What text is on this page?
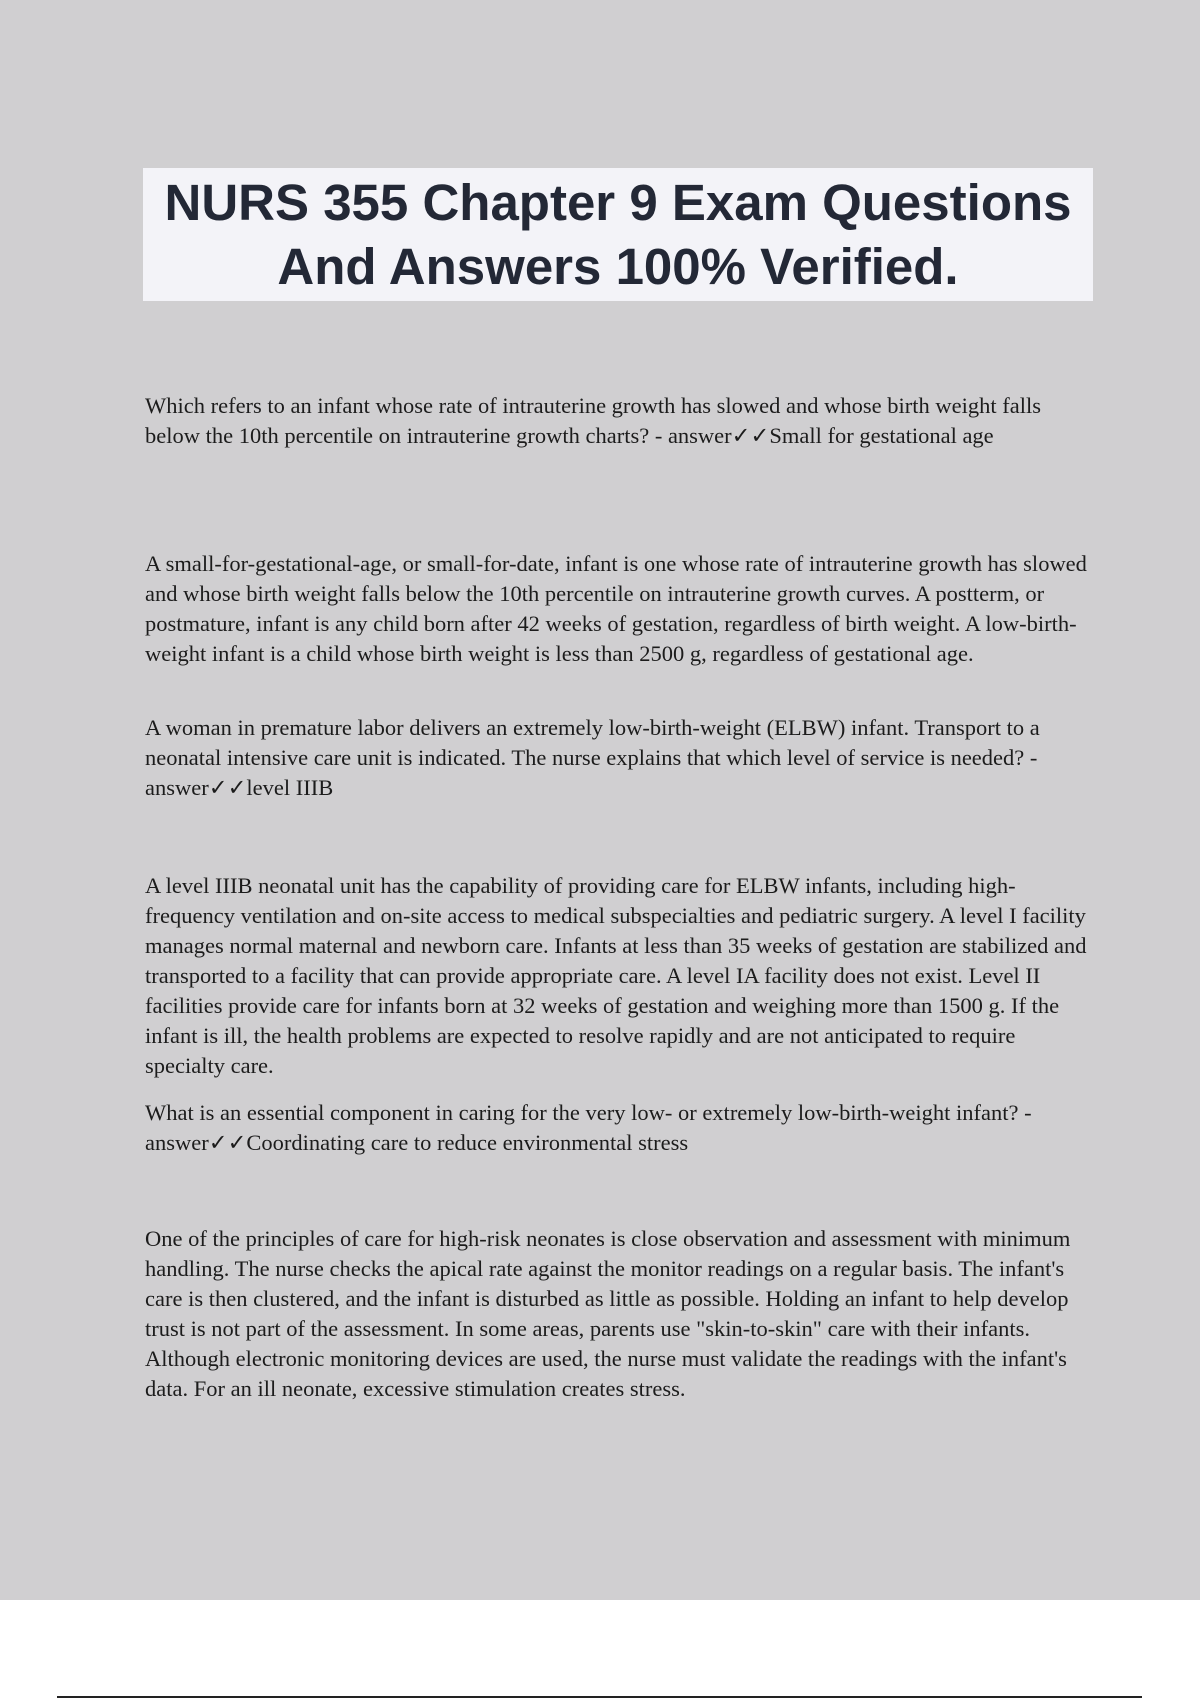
NURS 355 Chapter 9 Exam Questions
And Answers 100% Verified.

Which refers to an infant whose rate of intrauterine growth has slowed and whose birth weight falls below the 10th percentile on intrauterine growth charts? - answer✓✓Small for gestational age

A small-for-gestational-age, or small-for-date, infant is one whose rate of intrauterine growth has slowed and whose birth weight falls below the 10th percentile on intrauterine growth curves. A postterm, or postmature, infant is any child born after 42 weeks of gestation, regardless of birth weight. A low-birth-weight infant is a child whose birth weight is less than 2500 g, regardless of gestational age.

A woman in premature labor delivers an extremely low-birth-weight (ELBW) infant. Transport to a neonatal intensive care unit is indicated. The nurse explains that which level of service is needed? - answer✓✓level IIIB

A level IIIB neonatal unit has the capability of providing care for ELBW infants, including high-frequency ventilation and on-site access to medical subspecialties and pediatric surgery. A level I facility manages normal maternal and newborn care. Infants at less than 35 weeks of gestation are stabilized and transported to a facility that can provide appropriate care. A level IA facility does not exist. Level II facilities provide care for infants born at 32 weeks of gestation and weighing more than 1500 g. If the infant is ill, the health problems are expected to resolve rapidly and are not anticipated to require specialty care.

What is an essential component in caring for the very low- or extremely low-birth-weight infant? - answer✓✓Coordinating care to reduce environmental stress

One of the principles of care for high-risk neonates is close observation and assessment with minimum handling. The nurse checks the apical rate against the monitor readings on a regular basis. The infant's care is then clustered, and the infant is disturbed as little as possible. Holding an infant to help develop trust is not part of the assessment. In some areas, parents use "skin-to-skin" care with their infants. Although electronic monitoring devices are used, the nurse must validate the readings with the infant's data. For an ill neonate, excessive stimulation creates stress.
